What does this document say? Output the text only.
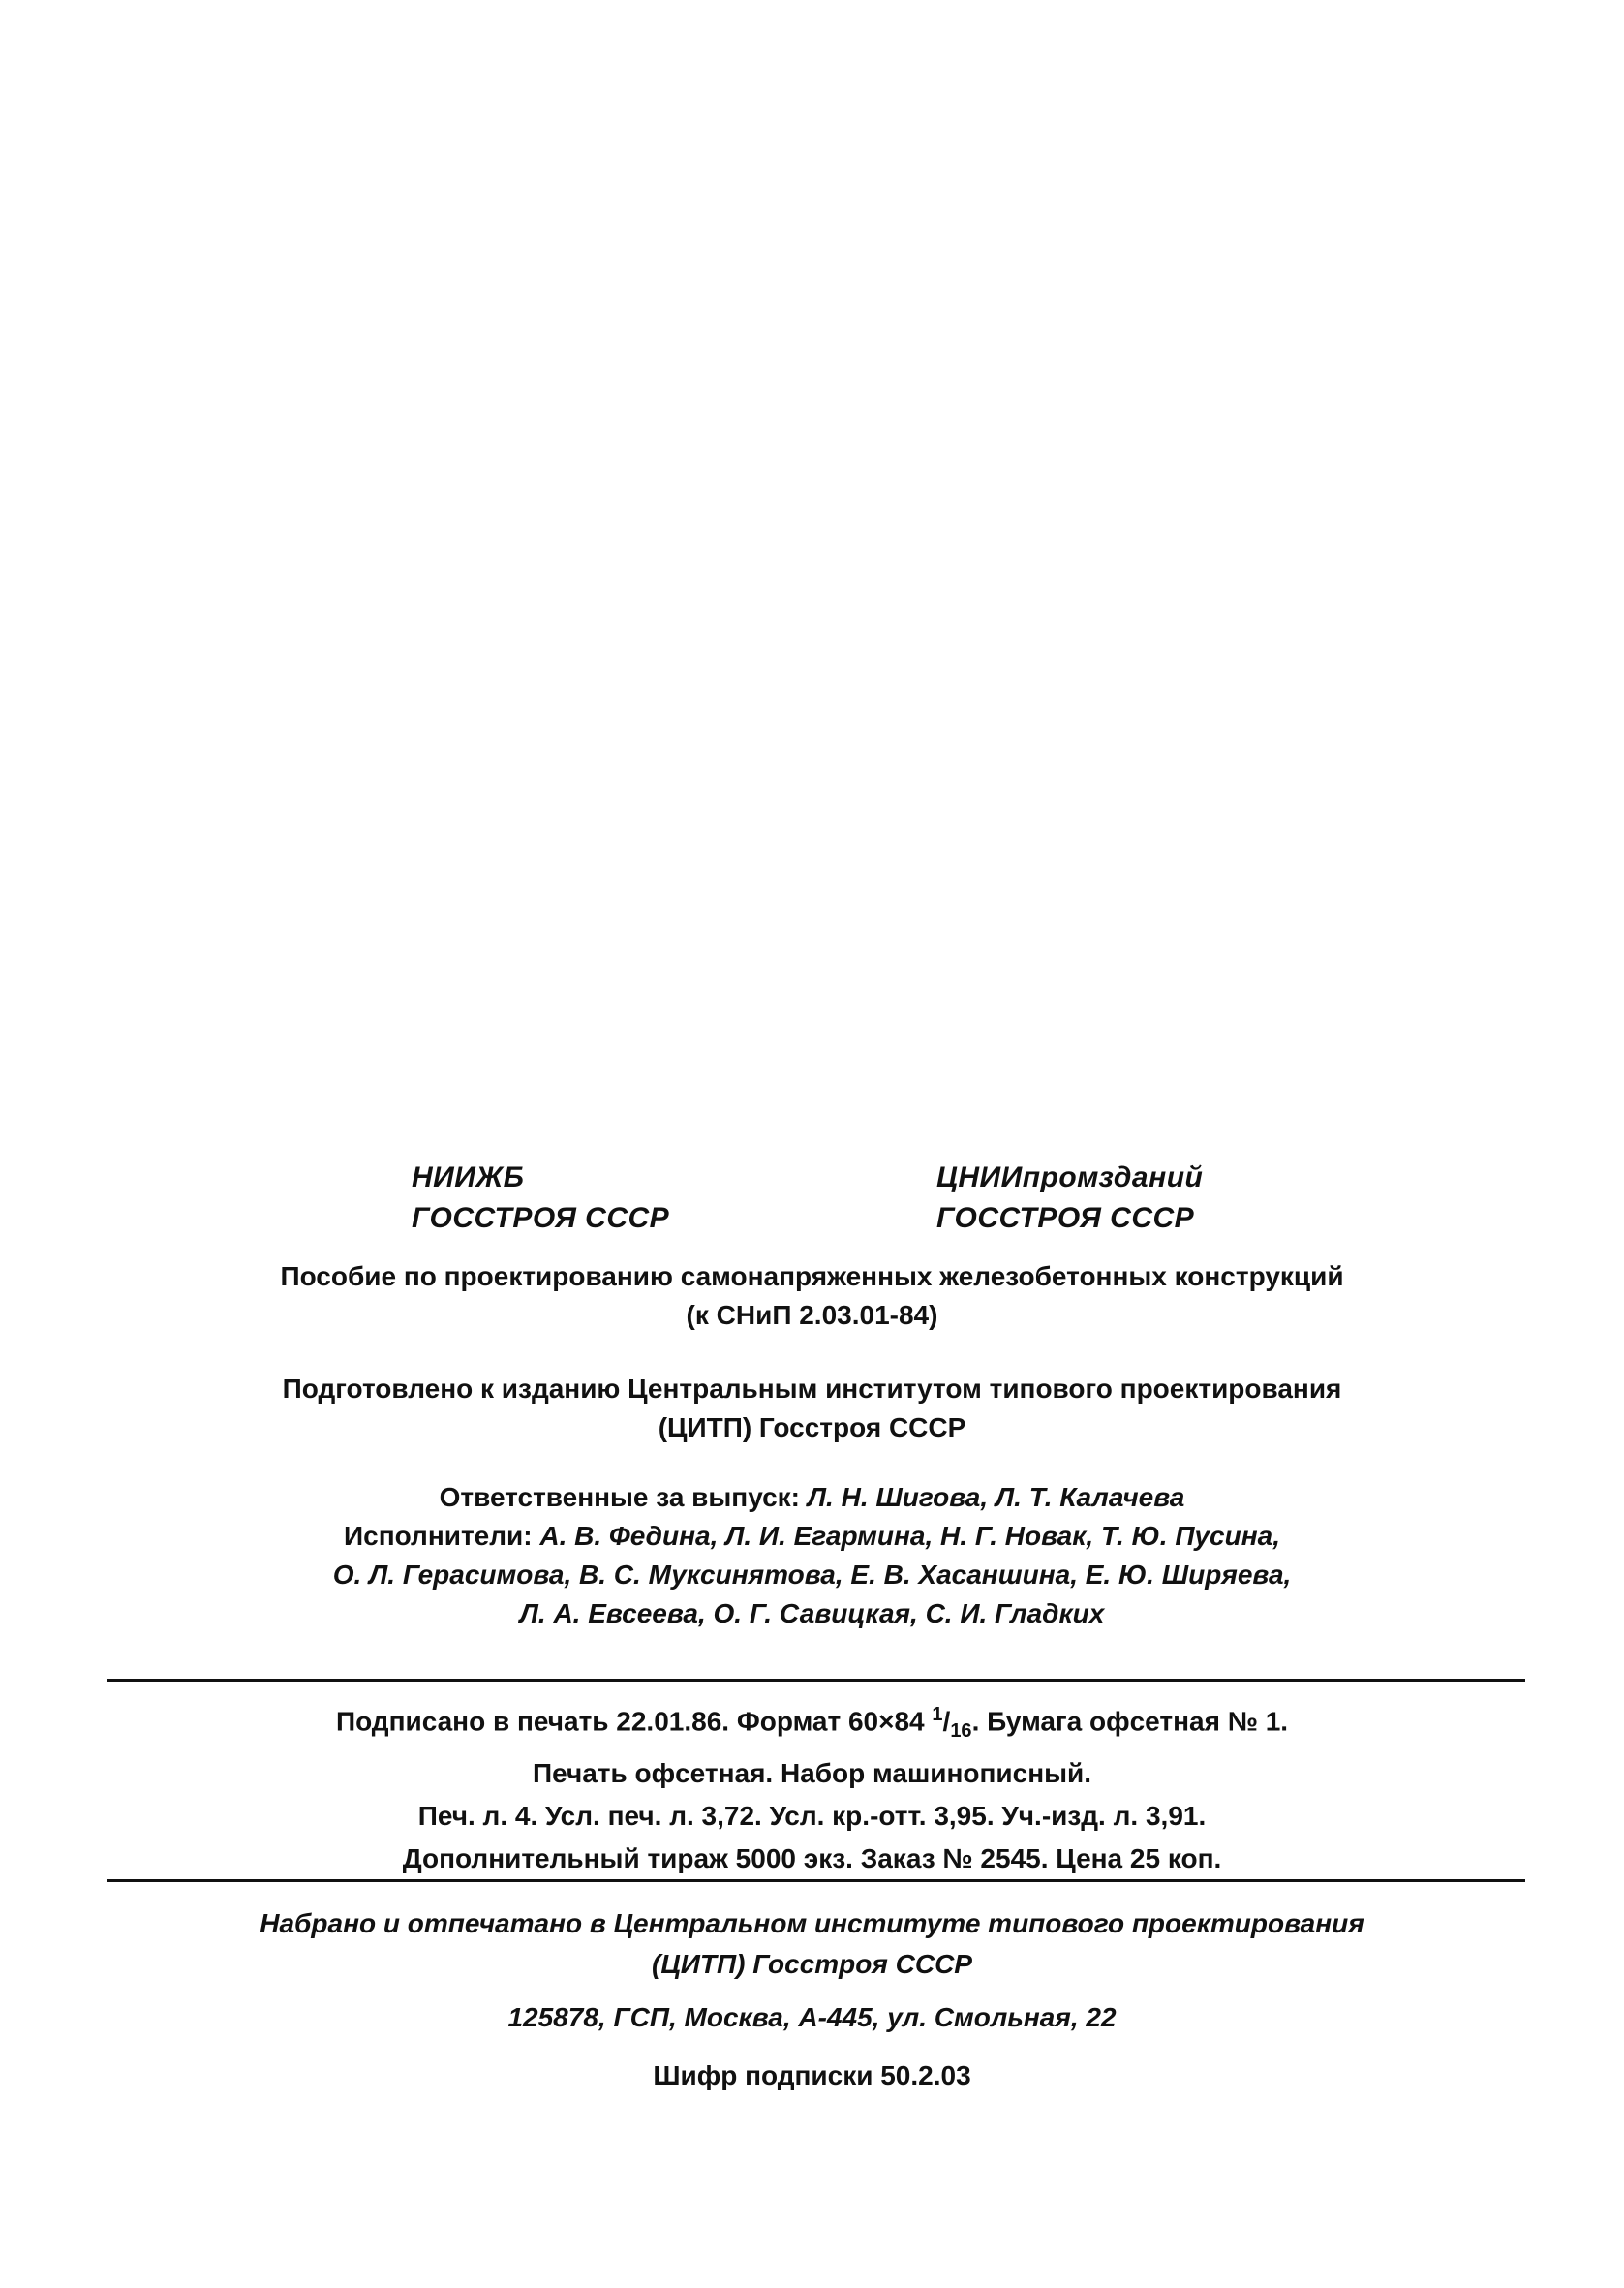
НИИЖБ
ГОССТРОЯ СССР
ЦНИИпромзданий
ГОССТРОЯ СССР
Пособие по проектированию самонапряженных железобетонных конструкций
(к СНиП 2.03.01-84)
Подготовлено к изданию Центральным институтом типового проектирования
(ЦИТП) Госстроя СССР
Ответственные за выпуск: Л. Н. Шигова, Л. Т. Калачева
Исполнители: А. В. Федина, Л. И. Егармина, Н. Г. Новак, Т. Ю. Пусина,
О. Л. Герасимова, В. С. Муксинятова, Е. В. Хасаншина, Е. Ю. Ширяева,
Л. А. Евсеева, О. Г. Савицкая, С. И. Гладких
Подписано в печать 22.01.86. Формат 60×84 $^1/_{16}$. Бумага офсетная № 1.
Печать офсетная. Набор машинописный.
Печ. л. 4. Усл. печ. л. 3,72. Усл. кр.-отт. 3,95. Уч.-изд. л. 3,91.
Дополнительный тираж 5000 экз. Заказ № 2545. Цена 25 коп.
Набрано и отпечатано в Центральном институте типового проектирования
(ЦИТП) Госстроя СССР
125878, ГСП, Москва, А-445, ул. Смольная, 22
Шифр подписки 50.2.03
